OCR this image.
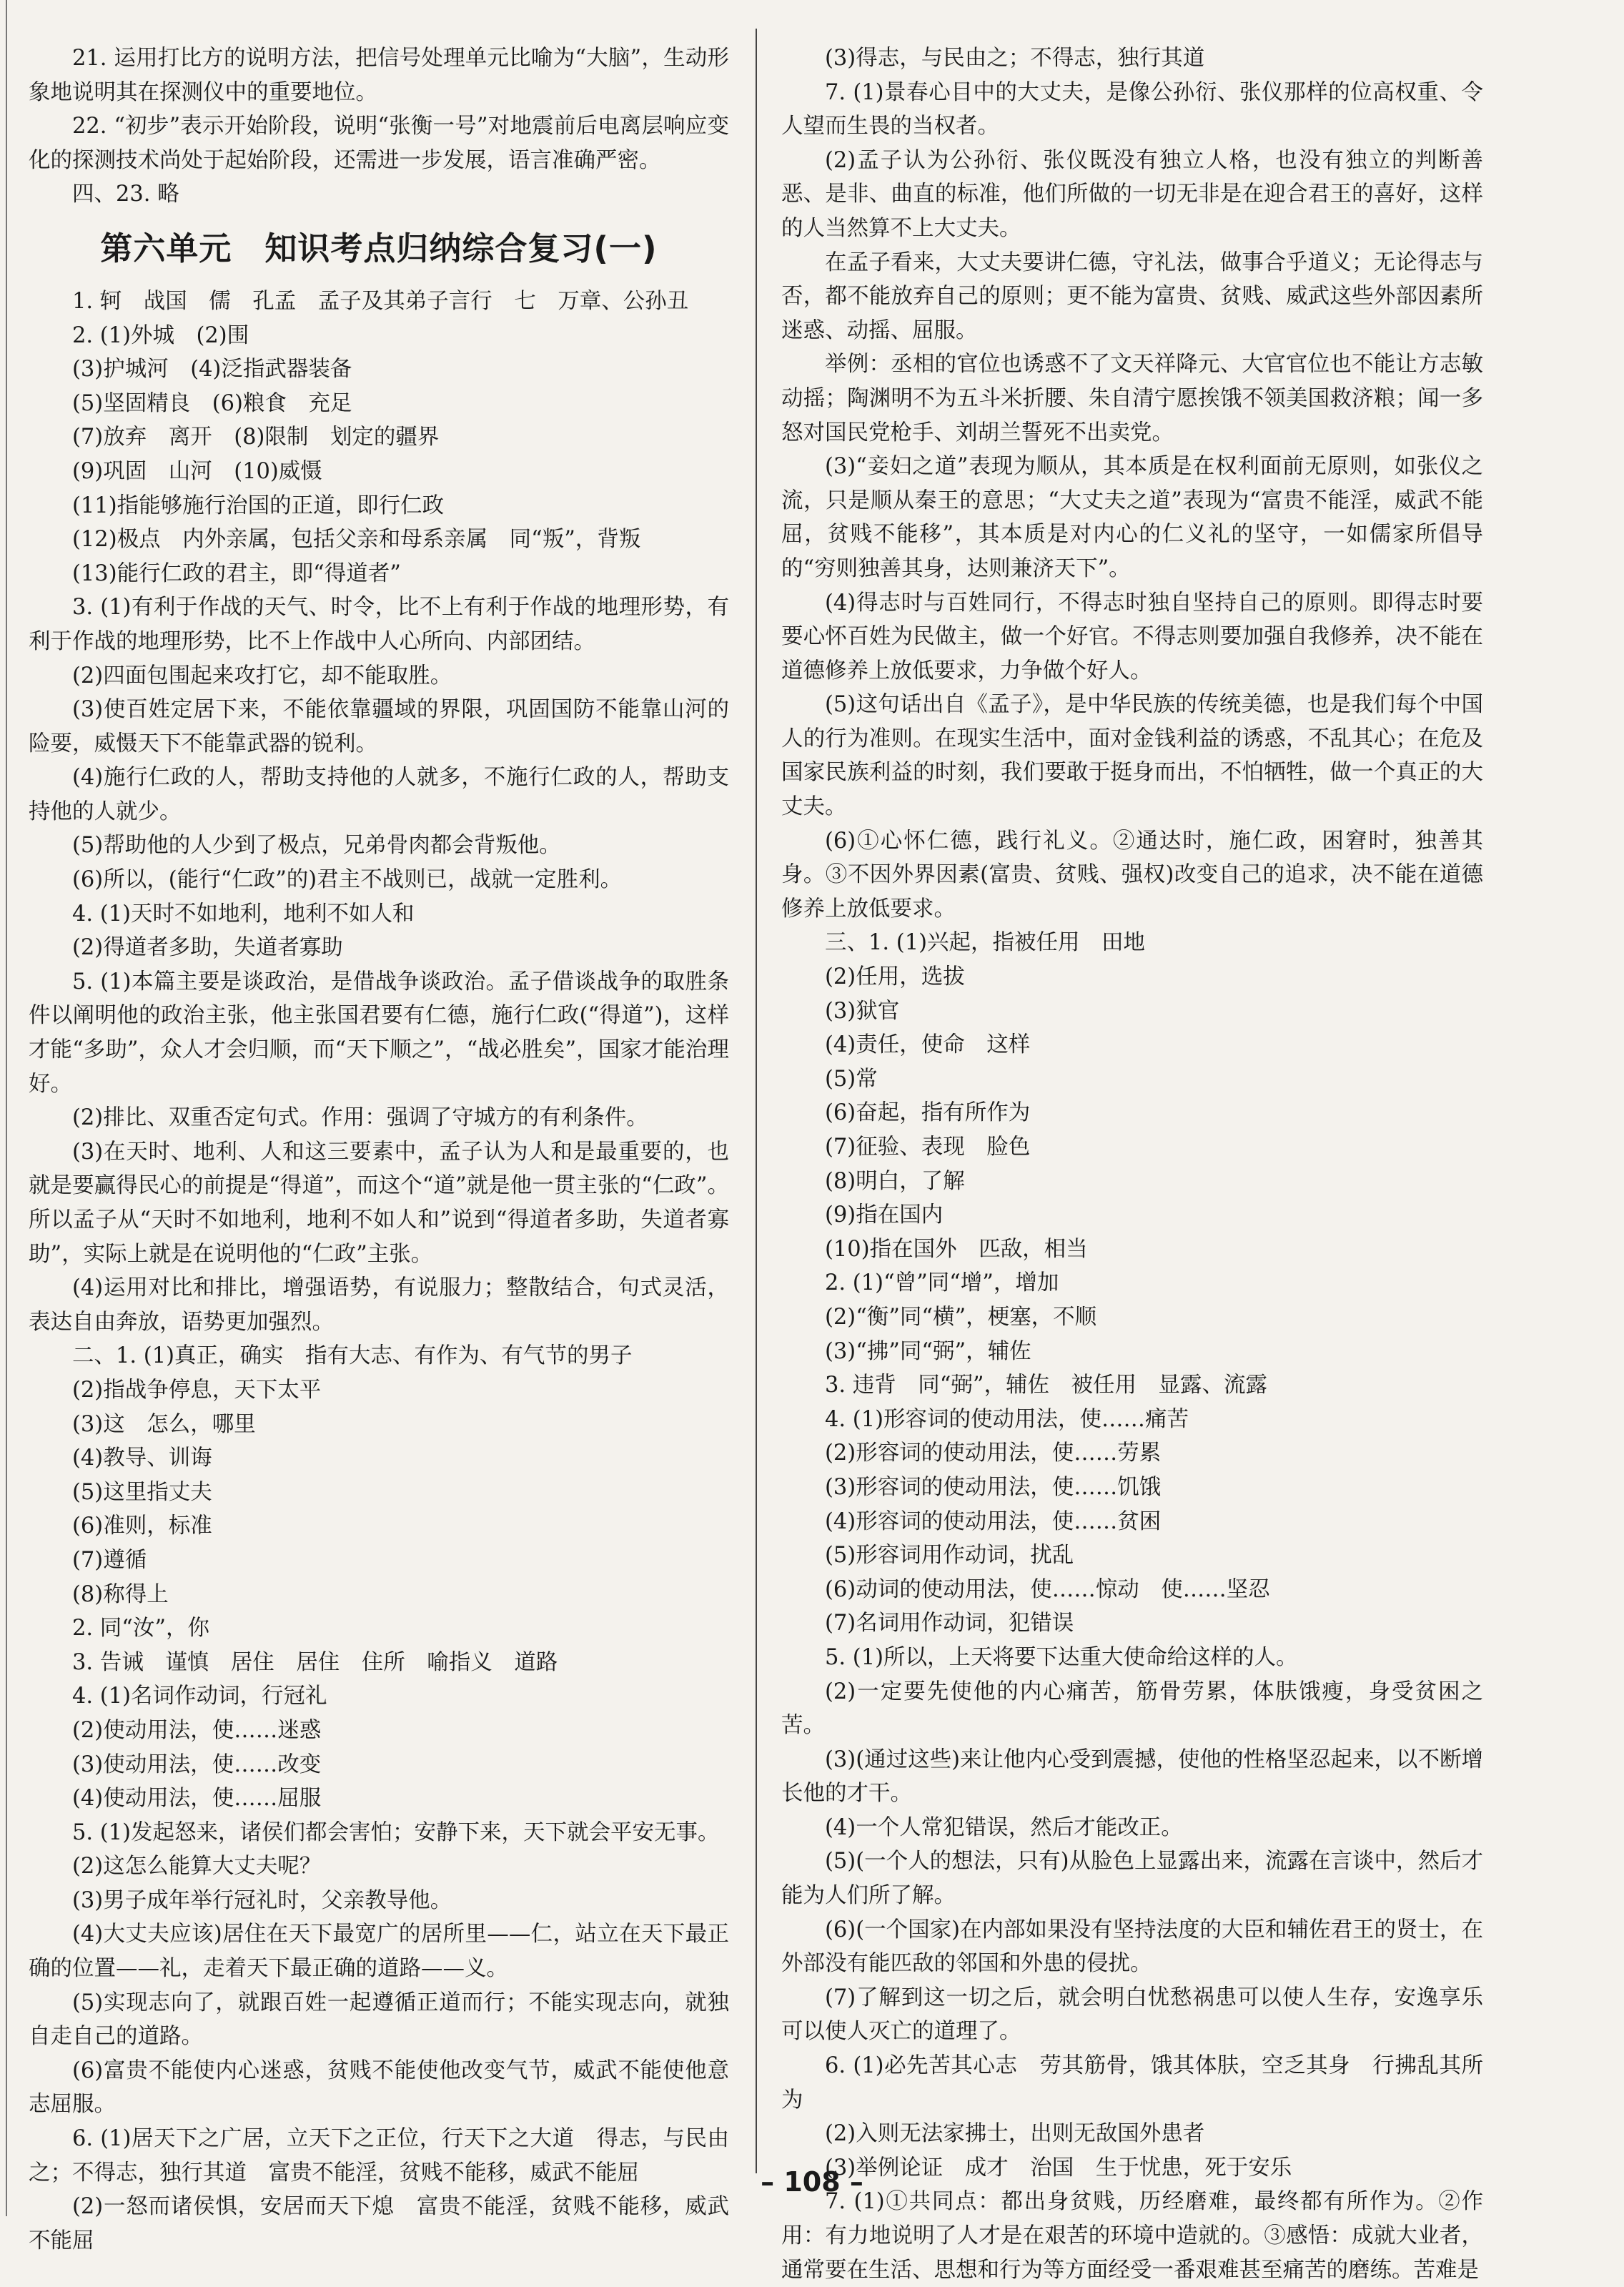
21. 运用打比方的说明方法，把信号处理单元比喻为“大脑”，生动形象地说明其在探测仪中的重要地位。

22. “初步”表示开始阶段，说明“张衡一号”对地震前后电离层响应变化的探测技术尚处于起始阶段，还需进一步发展，语言准确严密。

四、23. 略

第六单元　知识考点归纳综合复习(一)

1. 轲　战国　儒　孔孟　孟子及其弟子言行　七　万章、公孙丑

2. (1)外城　(2)围

(3)护城河　(4)泛指武器装备

(5)坚固精良　(6)粮食　充足

(7)放弃　离开　(8)限制　划定的疆界

(9)巩固　山河　(10)威慑

(11)指能够施行治国的正道，即行仁政

(12)极点　内外亲属，包括父亲和母系亲属　同“叛”，背叛

(13)能行仁政的君主，即“得道者”

3. (1)有利于作战的天气、时令，比不上有利于作战的地理形势，有利于作战的地理形势，比不上作战中人心所向、内部团结。

(2)四面包围起来攻打它，却不能取胜。

(3)使百姓定居下来，不能依靠疆域的界限，巩固国防不能靠山河的险要，威慑天下不能靠武器的锐利。

(4)施行仁政的人，帮助支持他的人就多，不施行仁政的人，帮助支持他的人就少。

(5)帮助他的人少到了极点，兄弟骨肉都会背叛他。

(6)所以，(能行“仁政”的)君主不战则已，战就一定胜利。

4. (1)天时不如地利，地利不如人和

(2)得道者多助，失道者寡助

5. (1)本篇主要是谈政治，是借战争谈政治。孟子借谈战争的取胜条件以阐明他的政治主张，他主张国君要有仁德，施行仁政(“得道”)，这样才能“多助”，众人才会归顺，而“天下顺之”，“战必胜矣”，国家才能治理好。

(2)排比、双重否定句式。作用：强调了守城方的有利条件。

(3)在天时、地利、人和这三要素中，孟子认为人和是最重要的，也就是要赢得民心的前提是“得道”，而这个“道”就是他一贯主张的“仁政”。所以孟子从“天时不如地利，地利不如人和”说到“得道者多助，失道者寡助”，实际上就是在说明他的“仁政”主张。

(4)运用对比和排比，增强语势，有说服力；整散结合，句式灵活，表达自由奔放，语势更加强烈。

二、1. (1)真正，确实　指有大志、有作为、有气节的男子

(2)指战争停息，天下太平

(3)这　怎么，哪里

(4)教导、训诲

(5)这里指丈夫

(6)准则，标准

(7)遵循

(8)称得上

2. 同“汝”，你

3. 告诫　谨慎　居住　居住　住所　喻指义　道路

4. (1)名词作动词，行冠礼

(2)使动用法，使……迷惑

(3)使动用法，使……改变

(4)使动用法，使……屈服

5. (1)发起怒来，诸侯们都会害怕；安静下来，天下就会平安无事。

(2)这怎么能算大丈夫呢？

(3)男子成年举行冠礼时，父亲教导他。

(4)大丈夫应该)居住在天下最宽广的居所里——仁，站立在天下最正确的位置——礼，走着天下最正确的道路——义。

(5)实现志向了，就跟百姓一起遵循正道而行；不能实现志向，就独自走自己的道路。

(6)富贵不能使内心迷惑，贫贱不能使他改变气节，威武不能使他意志屈服。

6. (1)居天下之广居，立天下之正位，行天下之大道　得志，与民由之；不得志，独行其道　富贵不能淫，贫贱不能移，威武不能屈

(2)一怒而诸侯惧，安居而天下熄　富贵不能淫，贫贱不能移，威武不能屈

(3)得志，与民由之；不得志，独行其道

7. (1)景春心目中的大丈夫，是像公孙衍、张仪那样的位高权重、令人望而生畏的当权者。

(2)孟子认为公孙衍、张仪既没有独立人格，也没有独立的判断善恶、是非、曲直的标准，他们所做的一切无非是在迎合君王的喜好，这样的人当然算不上大丈夫。

在孟子看来，大丈夫要讲仁德，守礼法，做事合乎道义；无论得志与否，都不能放弃自己的原则；更不能为富贵、贫贱、威武这些外部因素所迷惑、动摇、屈服。

举例：丞相的官位也诱惑不了文天祥降元、大官官位也不能让方志敏动摇；陶渊明不为五斗米折腰、朱自清宁愿挨饿不领美国救济粮；闻一多怒对国民党枪手、刘胡兰誓死不出卖党。

(3)“妾妇之道”表现为顺从，其本质是在权利面前无原则，如张仪之流，只是顺从秦王的意思；“大丈夫之道”表现为“富贵不能淫，威武不能屈，贫贱不能移”，其本质是对内心的仁义礼的坚守，一如儒家所倡导的“穷则独善其身，达则兼济天下”。

(4)得志时与百姓同行，不得志时独自坚持自己的原则。即得志时要要心怀百姓为民做主，做一个好官。不得志则要加强自我修养，决不能在道德修养上放低要求，力争做个好人。

(5)这句话出自《孟子》，是中华民族的传统美德，也是我们每个中国人的行为准则。在现实生活中，面对金钱利益的诱惑，不乱其心；在危及国家民族利益的时刻，我们要敢于挺身而出，不怕牺牲，做一个真正的大丈夫。

(6)①心怀仁德，践行礼义。②通达时，施仁政，困窘时，独善其身。③不因外界因素(富贵、贫贱、强权)改变自己的追求，决不能在道德修养上放低要求。

三、1. (1)兴起，指被任用　田地

(2)任用，选拔

(3)狱官

(4)责任，使命　这样

(5)常

(6)奋起，指有所作为

(7)征验、表现　脸色

(8)明白，了解

(9)指在国内

(10)指在国外　匹敌，相当

2. (1)“曾”同“增”，增加

(2)“衡”同“横”，梗塞，不顺

(3)“拂”同“弼”，辅佐

3. 违背　同“弼”，辅佐　被任用　显露、流露

4. (1)形容词的使动用法，使……痛苦

(2)形容词的使动用法，使……劳累

(3)形容词的使动用法，使……饥饿

(4)形容词的使动用法，使……贫困

(5)形容词用作动词，扰乱

(6)动词的使动用法，使……惊动　使……坚忍

(7)名词用作动词，犯错误

5. (1)所以，上天将要下达重大使命给这样的人。

(2)一定要先使他的内心痛苦，筋骨劳累，体肤饿瘦，身受贫困之苦。

(3)(通过这些)来让他内心受到震撼，使他的性格坚忍起来，以不断增长他的才干。

(4)一个人常犯错误，然后才能改正。

(5)(一个人的想法，只有)从脸色上显露出来，流露在言谈中，然后才能为人们所了解。

(6)(一个国家)在内部如果没有坚持法度的大臣和辅佐君王的贤士，在外部没有能匹敌的邻国和外患的侵扰。

(7)了解到这一切之后，就会明白忧愁祸患可以使人生存，安逸享乐可以使人灭亡的道理了。

6. (1)必先苦其心志　劳其筋骨，饿其体肤，空乏其身　行拂乱其所为

(2)入则无法家拂士，出则无敌国外患者

(3)举例论证　成才　治国　生于忧患，死于安乐

7. (1)①共同点：都出身贫贱，历经磨难，最终都有所作为。②作用：有力地说明了人才是在艰苦的环境中造就的。③感悟：成就大业者，通常要在生活、思想和行为等方面经受一番艰难甚至痛苦的磨练。苦难是

– 108 –
